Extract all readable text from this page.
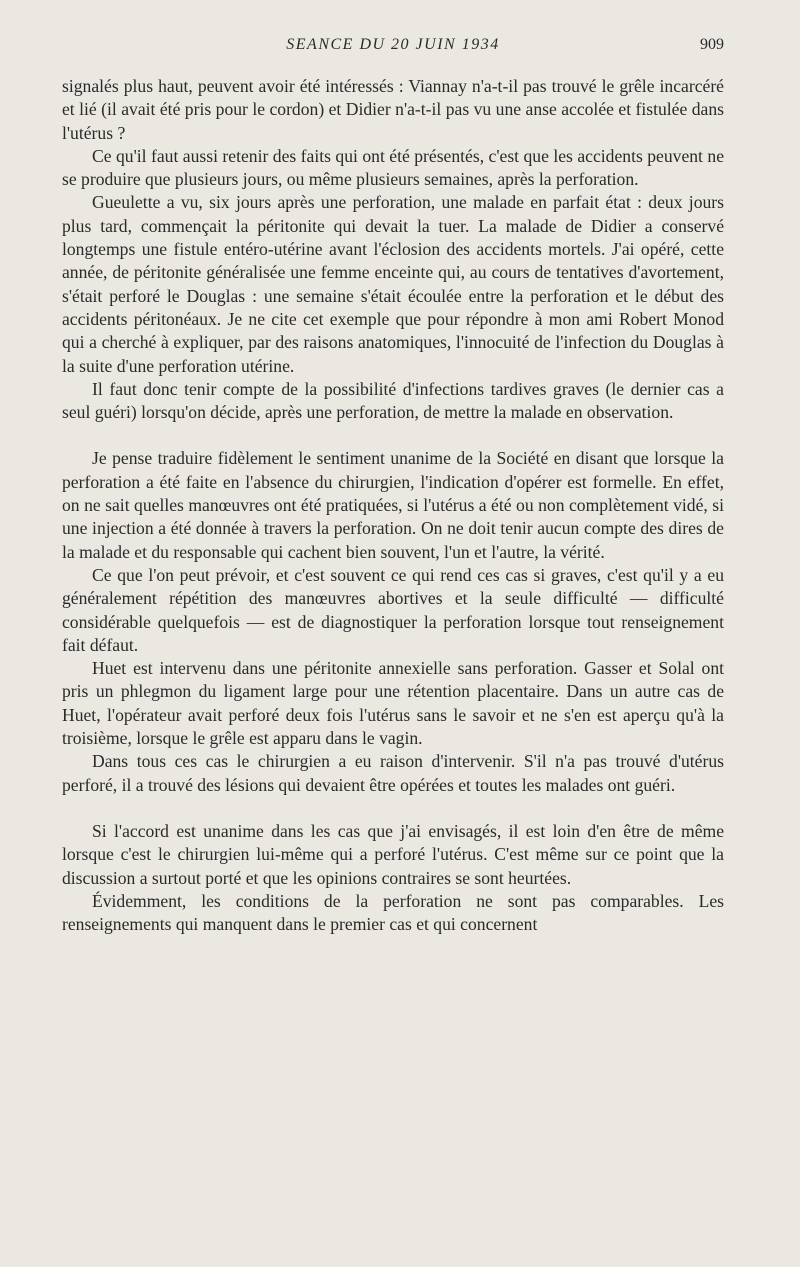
SEANCE DU 20 JUIN 1934	909

signalés plus haut, peuvent avoir été intéressés : Viannay n'a-t-il pas trouvé le grêle incarcéré et lié (il avait été pris pour le cordon) et Didier n'a-t-il pas vu une anse accolée et fistulée dans l'utérus ?

Ce qu'il faut aussi retenir des faits qui ont été présentés, c'est que les accidents peuvent ne se produire que plusieurs jours, ou même plusieurs semaines, après la perforation.

Gueulette a vu, six jours après une perforation, une malade en parfait état : deux jours plus tard, commençait la péritonite qui devait la tuer. La malade de Didier a conservé longtemps une fistule entéro-utérine avant l'éclosion des accidents mortels. J'ai opéré, cette année, de péritonite généralisée une femme enceinte qui, au cours de tentatives d'avortement, s'était perforé le Douglas : une semaine s'était écoulée entre la perforation et le début des accidents péritonéaux. Je ne cite cet exemple que pour répondre à mon ami Robert Monod qui a cherché à expliquer, par des raisons anatomiques, l'innocuité de l'infection du Douglas à la suite d'une perforation utérine.

Il faut donc tenir compte de la possibilité d'infections tardives graves (le dernier cas a seul guéri) lorsqu'on décide, après une perforation, de mettre la malade en observation.

Je pense traduire fidèlement le sentiment unanime de la Société en disant que lorsque la perforation a été faite en l'absence du chirurgien, l'indication d'opérer est formelle. En effet, on ne sait quelles manœuvres ont été pratiquées, si l'utérus a été ou non complètement vidé, si une injection a été donnée à travers la perforation. On ne doit tenir aucun compte des dires de la malade et du responsable qui cachent bien souvent, l'un et l'autre, la vérité.

Ce que l'on peut prévoir, et c'est souvent ce qui rend ces cas si graves, c'est qu'il y a eu généralement répétition des manœuvres abortives et la seule difficulté — difficulté considérable quelquefois — est de diagnostiquer la perforation lorsque tout renseignement fait défaut.

Huet est intervenu dans une péritonite annexielle sans perforation. Gasser et Solal ont pris un phlegmon du ligament large pour une rétention placentaire. Dans un autre cas de Huet, l'opérateur avait perforé deux fois l'utérus sans le savoir et ne s'en est aperçu qu'à la troisième, lorsque le grêle est apparu dans le vagin.

Dans tous ces cas le chirurgien a eu raison d'intervenir. S'il n'a pas trouvé d'utérus perforé, il a trouvé des lésions qui devaient être opérées et toutes les malades ont guéri.

Si l'accord est unanime dans les cas que j'ai envisagés, il est loin d'en être de même lorsque c'est le chirurgien lui-même qui a perforé l'utérus. C'est même sur ce point que la discussion a surtout porté et que les opinions contraires se sont heurtées.

Évidemment, les conditions de la perforation ne sont pas comparables. Les renseignements qui manquent dans le premier cas et qui concernent
